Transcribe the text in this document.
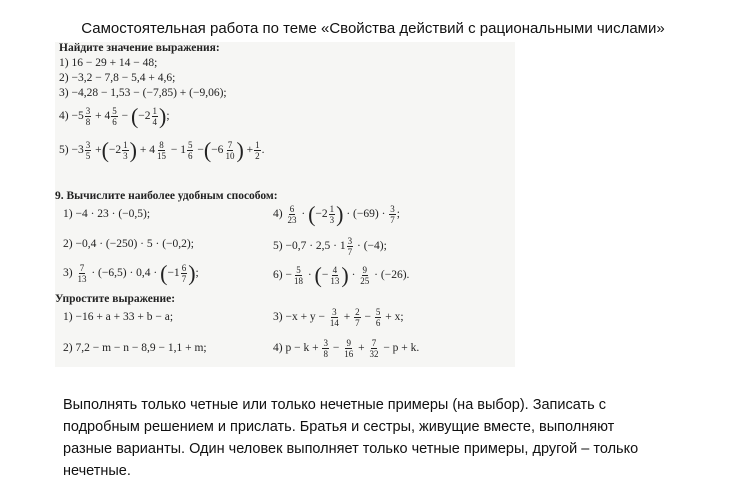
Самостоятельная работа по теме «Свойства действий с рациональными числами»
Найдите значение выражения:
1) 16 − 29 + 14 − 48;
2) −3,2 − 7,8 − 5,4 + 4,6;
3) −4,28 − 1,53 − (−7,85) + (−9,06);
$4) -5 \frac{3}{8} + 4 \frac{5}{6} - (-2 \frac{1}{4}$ );
$5) -3 \frac{3}{5} +(-2 \frac{1}{3}$ ) + $4 \frac{8}{15} - 1 \frac{5}{6} -(-6 \frac{7}{10}$ ) + $\frac{1}{2}$ .
9. Вычислите наиболее удобным способом:
1) −4 · 23 · (−0,5);
2) −0,4 · (−250) · 5 · (−0,2);
$3) \frac{7}{13} \cdot (-6,5) \cdot 0,4 \cdot (-1 \frac{6}{7}$ );
$4) \frac{6}{23} \cdot (-2 \frac{1}{3}$ ) · $(-69) \cdot \frac{3}{7}$ ;
$5) -0,7 \cdot 2,5 \cdot 1 \frac{3}{7} \cdot (-4)$;
$6) - \frac{5}{18}$ · (− $\frac{4}{13}$ ) · $\frac{9}{25} \cdot (-26)$.
Упростите выражение:
1) −16 + a + 33 + b − a;
2) 7,2 − m − n − 8,9 − 1,1 + m;
$3) -x + y - \frac{3}{14} + \frac{2}{7} - \frac{5}{6} + x$;
4) $p - k + \frac{3}{8} - \frac{9}{16} + \frac{7}{32} - p + k$.
Выполнять только четные или только нечетные примеры (на выбор). Записать с
подробным решением и прислать. Братья и сестры, живущие вместе, выполняют
разные варианты. Один человек выполняет только четные примеры, другой – только
нечетные.
